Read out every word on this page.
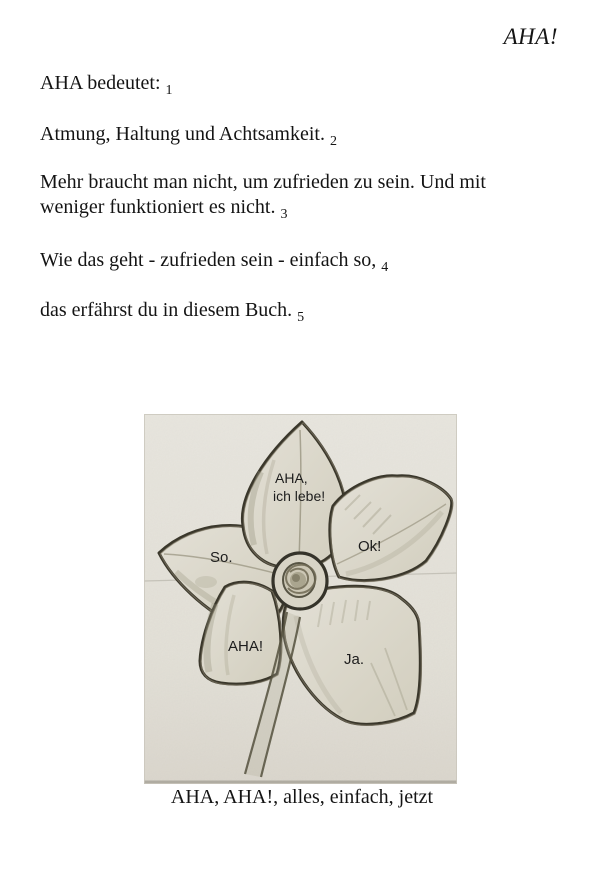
AHA!

AHA bedeutet: $_1$

Atmung, Haltung und Achtsamkeit. $_2$

Mehr braucht man nicht, um zufrieden zu sein. Und mit
weniger funktioniert es nicht. $_3$

Wie das geht - zufrieden sein - einfach so, $_4$

das erfährst du in diesem Buch. $_5$

AHA,
ich lebe!
Ok!
So.
AHA!
Ja.

AHA, AHA!, alles, einfach, jetzt
